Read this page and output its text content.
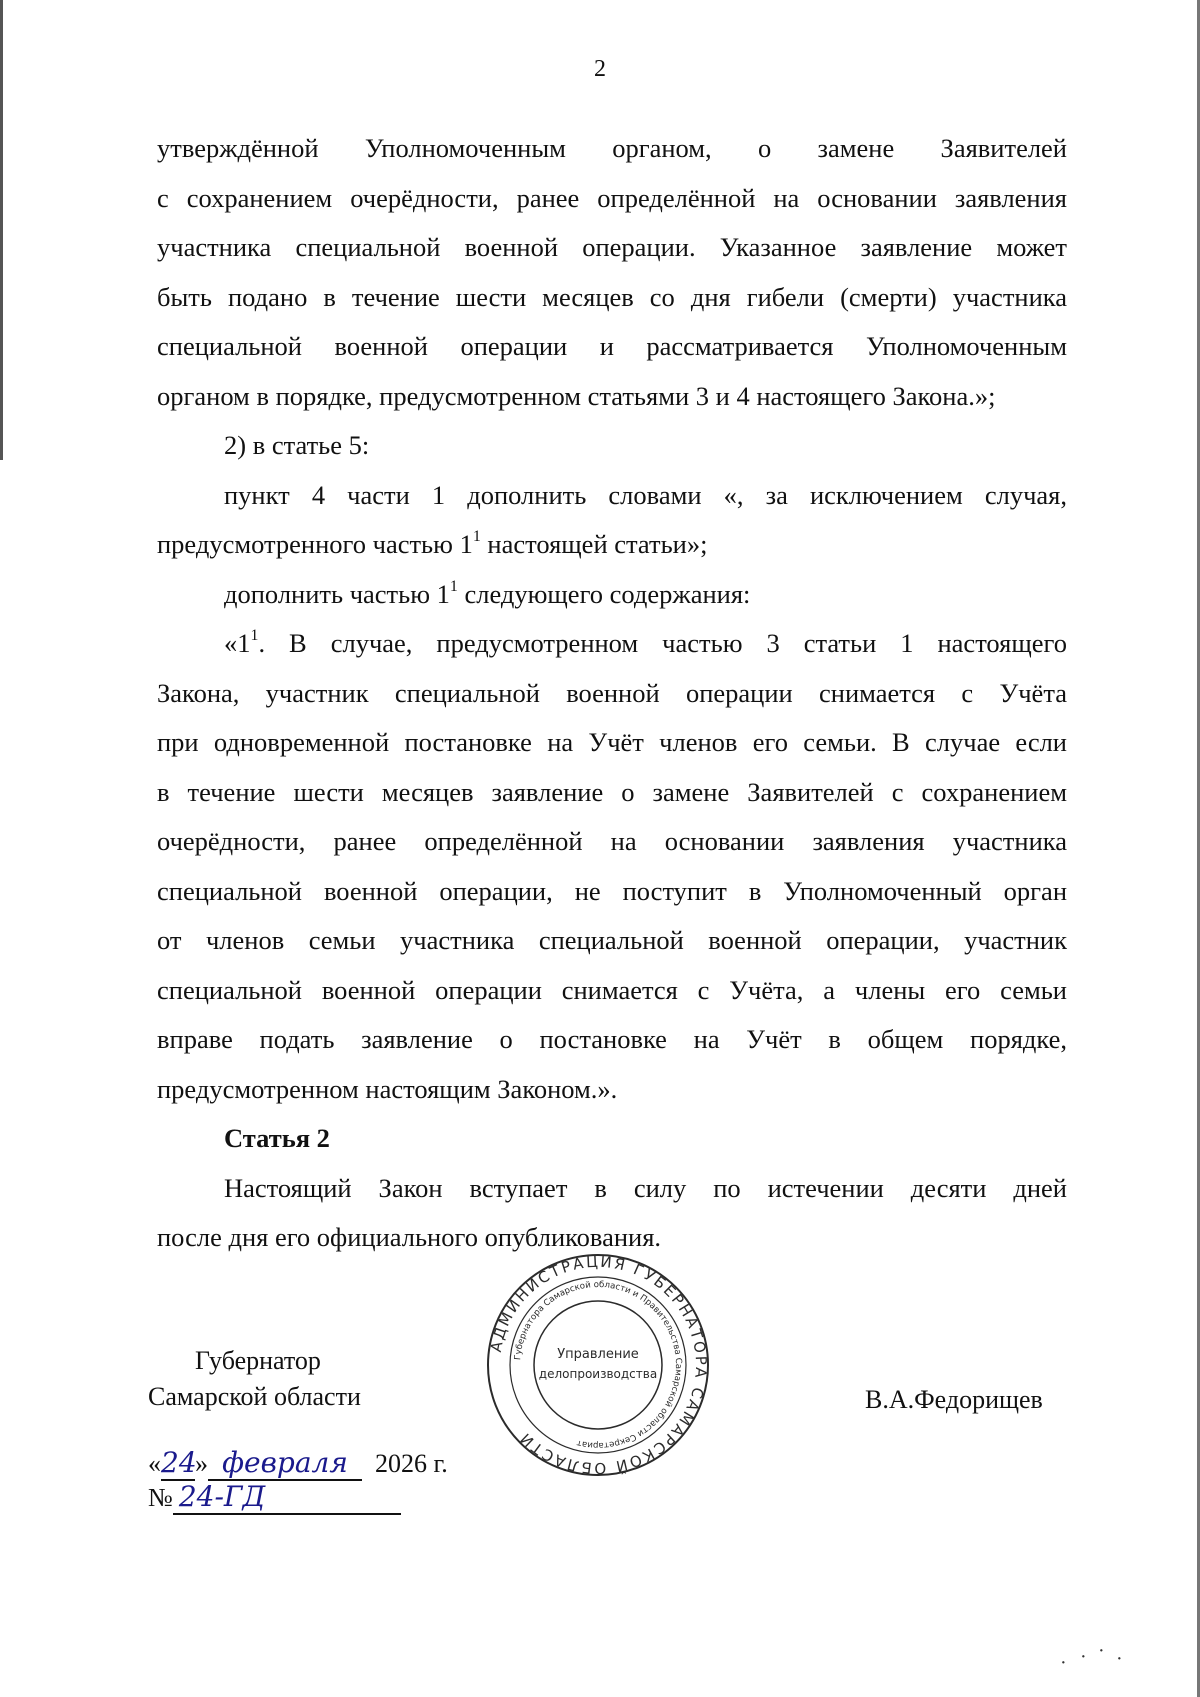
2

утверждённой Уполномоченным органом, о замене Заявителей

с сохранением очерёдности, ранее определённой на основании заявления

участника специальной военной операции. Указанное заявление может

быть подано в течение шести месяцев со дня гибели (смерти) участника

специальной военной операции и рассматривается Уполномоченным

органом в порядке, предусмотренном статьями 3 и 4 настоящего Закона.»;

2) в статье 5:

пункт 4 части 1 дополнить словами «, за исключением случая,

предусмотренного частью $1^1$ настоящей статьи»;

дополнить частью $1^1$ следующего содержания:

«$1^1$. В случае, предусмотренном частью 3 статьи 1 настоящего

Закона, участник специальной военной операции снимается с Учёта

при одновременной постановке на Учёт членов его семьи. В случае если

в течение шести месяцев заявление о замене Заявителей с сохранением

очерёдности, ранее определённой на основании заявления участника

специальной военной операции, не поступит в Уполномоченный орган

от членов семьи участника специальной военной операции, участник

специальной военной операции снимается с Учёта, а члены его семьи

вправе подать заявление о постановке на Учёт в общем порядке,

предусмотренном настоящим Законом.».

Статья 2

Настоящий Закон вступает в силу по истечении десяти дней

после дня его официального опубликования.

АДМИНИСТРАЦИЯ ГУБЕРНАТОРА САМАРСКОЙ ОБЛАСТИ
Губернатора Самарской области и Правительства Самарской области Секретариат
Управление
делопроизводства
Губернатор
Самарской области	В.А.Федорищев
«24» февраля 2026 г.
№ 24-ГД
· · · ·
